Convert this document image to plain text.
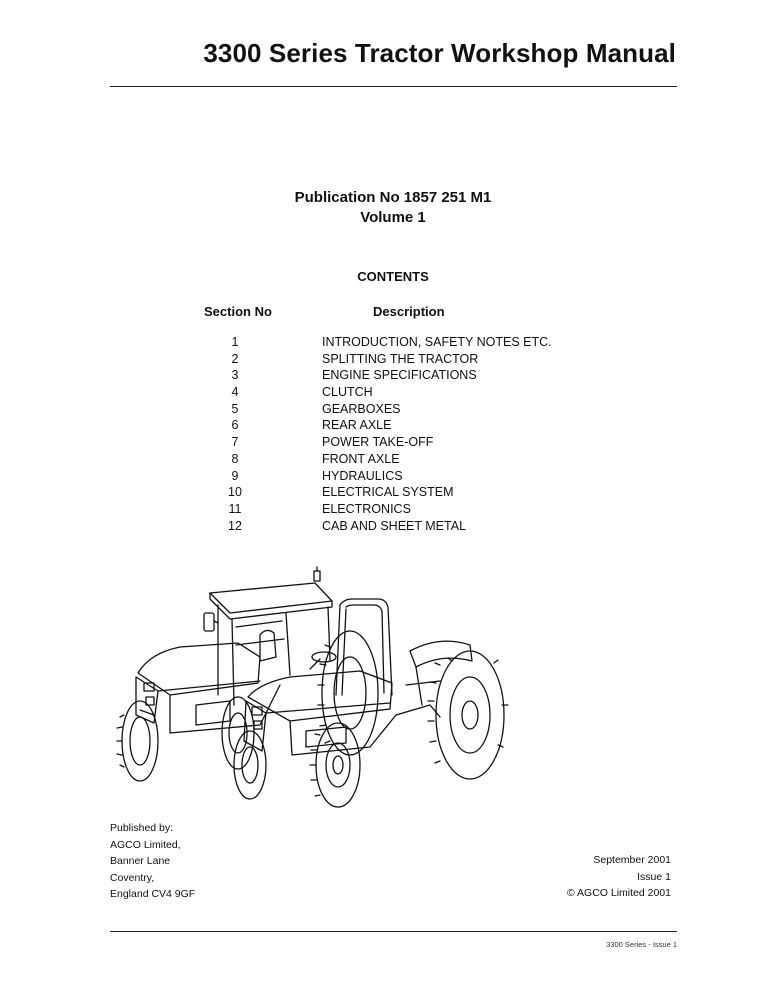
3300 Series Tractor Workshop Manual
Publication No 1857 251 M1
Volume 1
CONTENTS
Section No	Description
1	INTRODUCTION, SAFETY NOTES ETC.
2	SPLITTING THE TRACTOR
3	ENGINE SPECIFICATIONS
4	CLUTCH
5	GEARBOXES
6	REAR AXLE
7	POWER TAKE-OFF
8	FRONT AXLE
9	HYDRAULICS
10	ELECTRICAL SYSTEM
11	ELECTRONICS
12	CAB AND SHEET METAL
Published by:
AGCO Limited,
Banner Lane
Coventry,
England CV4 9GF
September 2001
Issue 1
© AGCO Limited 2001
3300 Series - Issue 1
